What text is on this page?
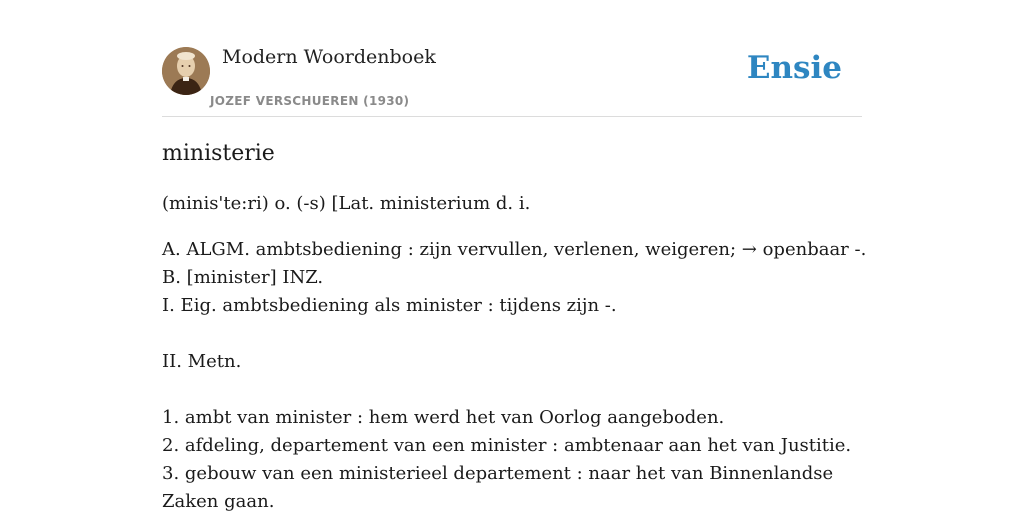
Modern Woordenboek
JOZEF VERSCHUEREN (1930)
Ensie
ministerie

(minis'te:ri) o. (-s) [Lat. ministerium d. i.

A. ALGM. ambtsbediening : zijn vervullen, verlenen, weigeren; → openbaar -.
B. [minister] INZ.
I. Eig. ambtsbediening als minister : tijdens zijn -.
II. Metn.
1. ambt van minister : hem werd het van Oorlog aangeboden.
2. afdeling, departement van een minister : ambtenaar aan het van Justitie.
3. gebouw van een ministerieel departement : naar het van Binnenlandse Zaken gaan.
